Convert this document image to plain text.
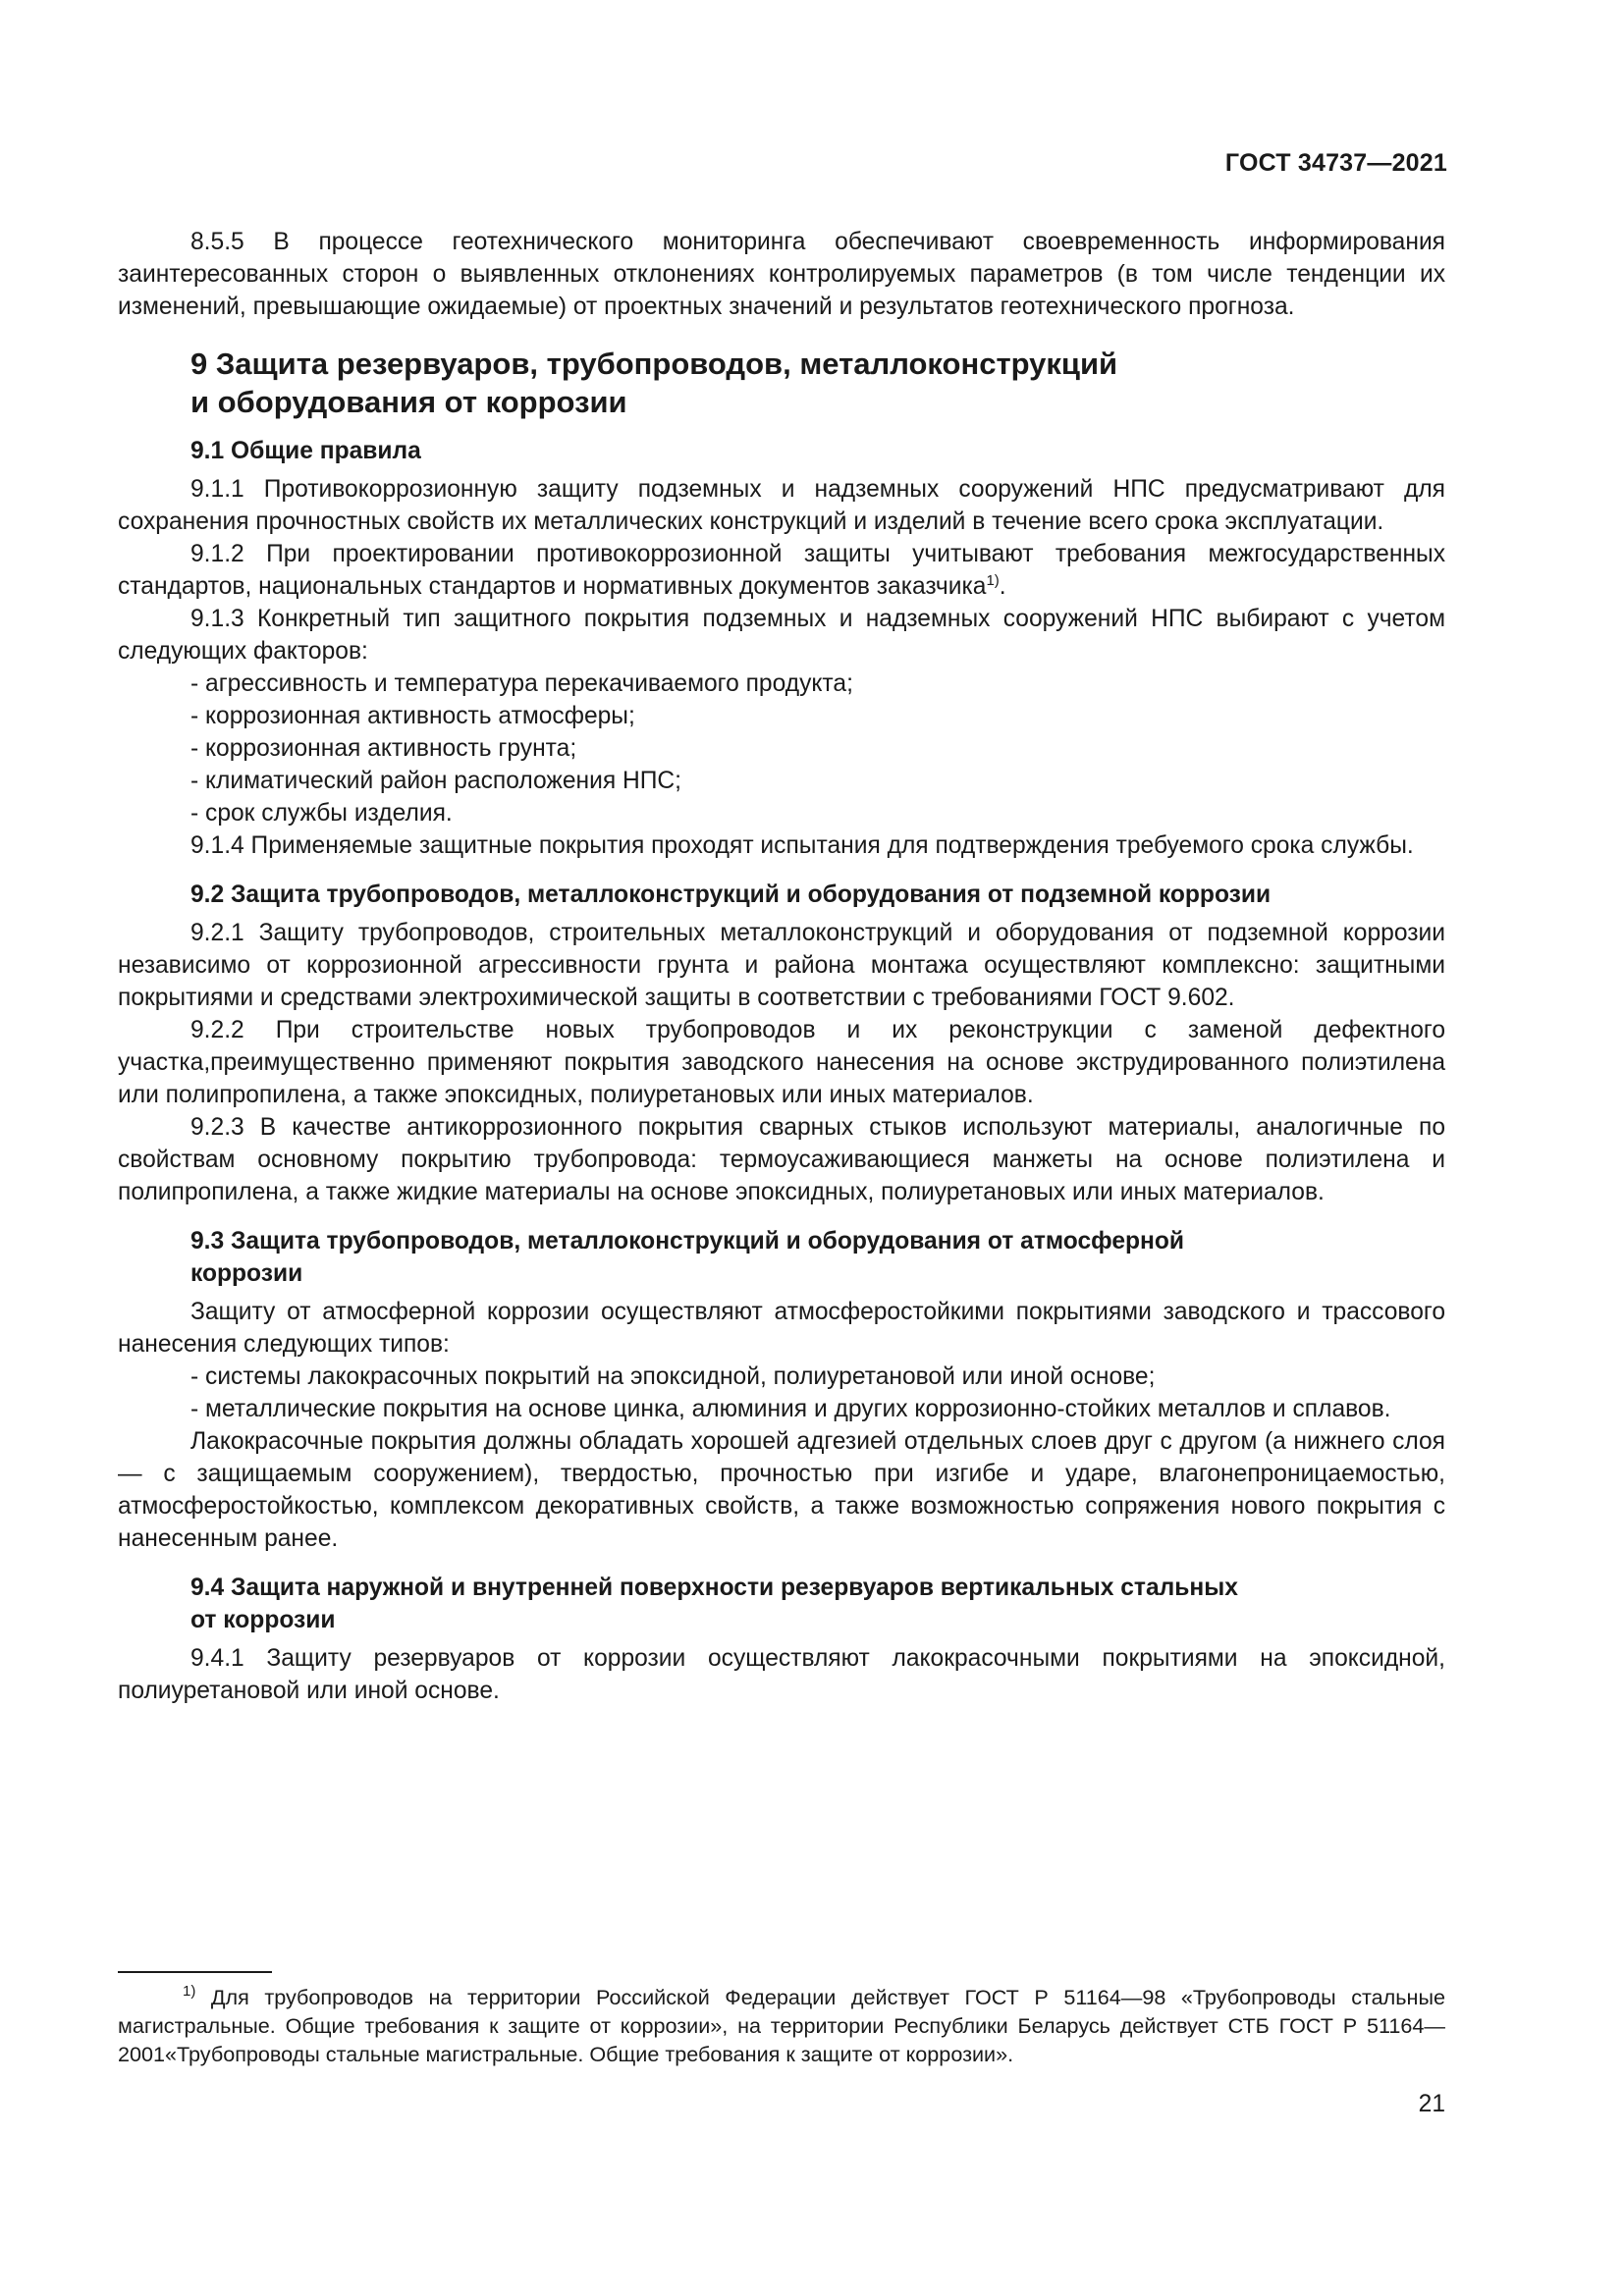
ГОСТ 34737—2021

8.5.5 В процессе геотехнического мониторинга обеспечивают своевременность информирования заинтересованных сторон о выявленных отклонениях контролируемых параметров (в том числе тенденции их изменений, превышающие ожидаемые) от проектных значений и результатов геотехнического прогноза.

9 Защита резервуаров, трубопроводов, металлоконструкций
и оборудования от коррозии
9.1 Общие правила

9.1.1 Противокоррозионную защиту подземных и надземных сооружений НПС предусматривают для сохранения прочностных свойств их металлических конструкций и изделий в течение всего срока эксплуатации.

9.1.2 При проектировании противокоррозионной защиты учитывают требования межгосударственных стандартов, национальных стандартов и нормативных документов заказчика$^{1)}$.

9.1.3 Конкретный тип защитного покрытия подземных и надземных сооружений НПС выбирают с учетом следующих факторов:

- агрессивность и температура перекачиваемого продукта;

- коррозионная активность атмосферы;

- коррозионная активность грунта;

- климатический район расположения НПС;

- срок службы изделия.

9.1.4 Применяемые защитные покрытия проходят испытания для подтверждения требуемого срока службы.

9.2 Защита трубопроводов, металлоконструкций и оборудования от подземной коррозии

9.2.1 Защиту трубопроводов, строительных металлоконструкций и оборудования от подземной коррозии независимо от коррозионной агрессивности грунта и района монтажа осуществляют комплексно: защитными покрытиями и средствами электрохимической защиты в соответствии с требованиями ГОСТ 9.602.

9.2.2 При строительстве новых трубопроводов и их реконструкции с заменой дефектного участка,преимущественно применяют покрытия заводского нанесения на основе экструдированного полиэтилена или полипропилена, а также эпоксидных, полиуретановых или иных материалов.

9.2.3 В качестве антикоррозионного покрытия сварных стыков используют материалы, аналогичные по свойствам основному покрытию трубопровода: термоусаживающиеся манжеты на основе полиэтилена и полипропилена, а также жидкие материалы на основе эпоксидных, полиуретановых или иных материалов.

9.3 Защита трубопроводов, металлоконструкций и оборудования от атмосферной
коррозии

Защиту от атмосферной коррозии осуществляют атмосферостойкими покрытиями заводского и трассового нанесения следующих типов:

- системы лакокрасочных покрытий на эпоксидной, полиуретановой или иной основе;

- металлические покрытия на основе цинка, алюминия и других коррозионно-стойких металлов и сплавов.

Лакокрасочные покрытия должны обладать хорошей адгезией отдельных слоев друг с другом (а нижнего слоя — с защищаемым сооружением), твердостью, прочностью при изгибе и ударе, влагонепроницаемостью, атмосферостойкостью, комплексом декоративных свойств, а также возможностью сопряжения нового покрытия с нанесенным ранее.

9.4 Защита наружной и внутренней поверхности резервуаров вертикальных стальных
от коррозии

9.4.1 Защиту резервуаров от коррозии осуществляют лакокрасочными покрытиями на эпоксидной, полиуретановой или иной основе.

$^{1)}$ Для трубопроводов на территории Российской Федерации действует ГОСТ Р 51164—98 «Трубопроводы стальные магистральные. Общие требования к защите от коррозии», на территории Республики Беларусь действует СТБ ГОСТ Р 51164—2001«Трубопроводы стальные магистральные. Общие требования к защите от коррозии».

21
